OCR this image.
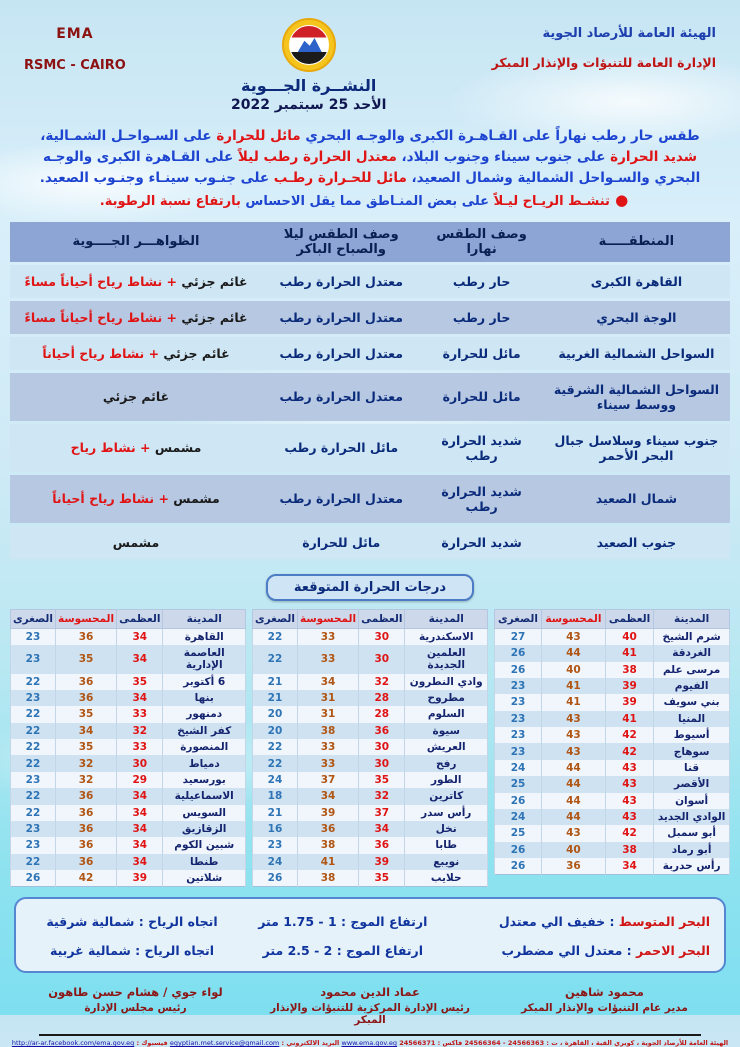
الهيئة العامة للأرصاد الجوية
الإدارة العامة للتنبؤات والإنذار المبكر
النشــرة الجـــوية
الأحد 25 سبتمبر 2022
EMA
RSMC - CAIRO
طقس حار رطب نهاراً على القـاهـرة الكبرى والوجـه البحري مائل للحرارة على السـواحـل الشمـالية، شديد الحرارة على جنوب سيناء وجنوب البلاد، معتدل الحرارة رطب ليلاً على القـاهرة الكبرى والوجـه البحري والسـواحل الشمالية وشمال الصعيد، مائل للحـرارة رطـب على جنـوب سينـاء وجنـوب الصعيد.
● تنشـط الريـاح ليـلاً على بعض المنـاطق مما يقل الاحساس بارتفاع نسبة الرطوبة.
المنطقـــــة	وصف الطقس نهارا	وصف الطقس ليلا والصباح الباكر	الظواهـــر الجــــوية
القاهرة الكبرى	حار رطب	معتدل الحرارة رطب	غائم جزئي + نشاط رياح أحياناً مساءً
الوجة البحري	حار رطب	معتدل الحرارة رطب	غائم جزئي + نشاط رياح أحياناً مساءً
السواحل الشمالية الغربية	مائل للحرارة	معتدل الحرارة رطب	غائم جزئي + نشاط رياح أحياناً
السواحل الشمالية الشرقية ووسط سيناء	مائل للحرارة	معتدل الحرارة رطب	غائم جزئي
جنوب سيناء وسلاسل جبال البحر الأحمر	شديد الحرارة رطب	مائل الحرارة رطب	مشمس + نشاط رياح
شمال الصعيد	شديد الحرارة رطب	معتدل الحرارة رطب	مشمس + نشاط رياح أحياناً
جنوب الصعيد	شديد الحرارة	مائل للحرارة	مشمس
درجات الحرارة المتوقعة
المدينة	العظمى	المحسوسة	الصغرى
القاهرة	34	36	23
العاصمة الإدارية	34	35	23
6 أكتوبر	35	36	22
بنها	34	36	23
دمنهور	33	35	22
كفر الشيخ	32	34	22
المنصورة	33	35	22
دمياط	30	32	22
بورسعيد	29	32	23
الاسماعيلية	34	36	22
السويس	34	36	22
الزقازيق	34	36	23
شبين الكوم	34	36	23
طنطا	34	36	22
شلاتين	39	42	26
المدينة	العظمى	المحسوسة	الصغرى
الاسكندرية	30	33	22
العلمين الجديدة	30	33	22
وادي النطرون	32	34	21
مطروح	28	31	21
السلوم	28	31	20
سيوة	36	38	20
العريش	30	33	22
رفح	30	33	22
الطور	35	37	24
كاترين	32	34	18
رأس سدر	37	39	21
نخل	34	36	16
طابا	36	38	23
نويبع	39	41	24
حلايب	35	38	26
المدينة	العظمى	المحسوسة	الصغرى
شرم الشيخ	40	43	27
الغردقة	41	44	26
مرسى علم	38	40	26
الفيوم	39	41	23
بني سويف	39	41	23
المنيا	41	43	23
أسيوط	42	43	23
سوهاج	42	43	23
قنا	43	44	24
الأقصر	43	44	25
أسوان	43	44	26
الوادي الجديد	43	44	24
أبو سمبل	42	43	25
أبو رماد	38	40	26
رأس حدربة	34	36	26
البحر المتوسط : خفيف الي معتدل
ارتفاع الموج : 1 - 1.75 متر
اتجاه الرياح : شمالية شرقية
البحر الاحمر : معتدل الي مضطرب
ارتفاع الموج : 2 - 2.5 متر
اتجاه الرياح : شمالية غربية
محمود شاهين
مدير عام التنبؤات والإنذار المبكر
عماد الدين محمود
رئيس الإدارة المركزية للتنبؤات والإنذار المبكر
لواء جوي / هشام حسن طاهون
رئيس مجلس الإدارة
الهيئة العامة للأرصاد الجوية ، كوبري القبة ، القاهرة ، ت : 24566363 - 24566364 فاكس : 24566371 www.ema.gov.eg البريد الالكتروني : egyptian.met.service@gmail.com فيسبوك : http://ar-ar.facebook.com/ema.gov.eg
